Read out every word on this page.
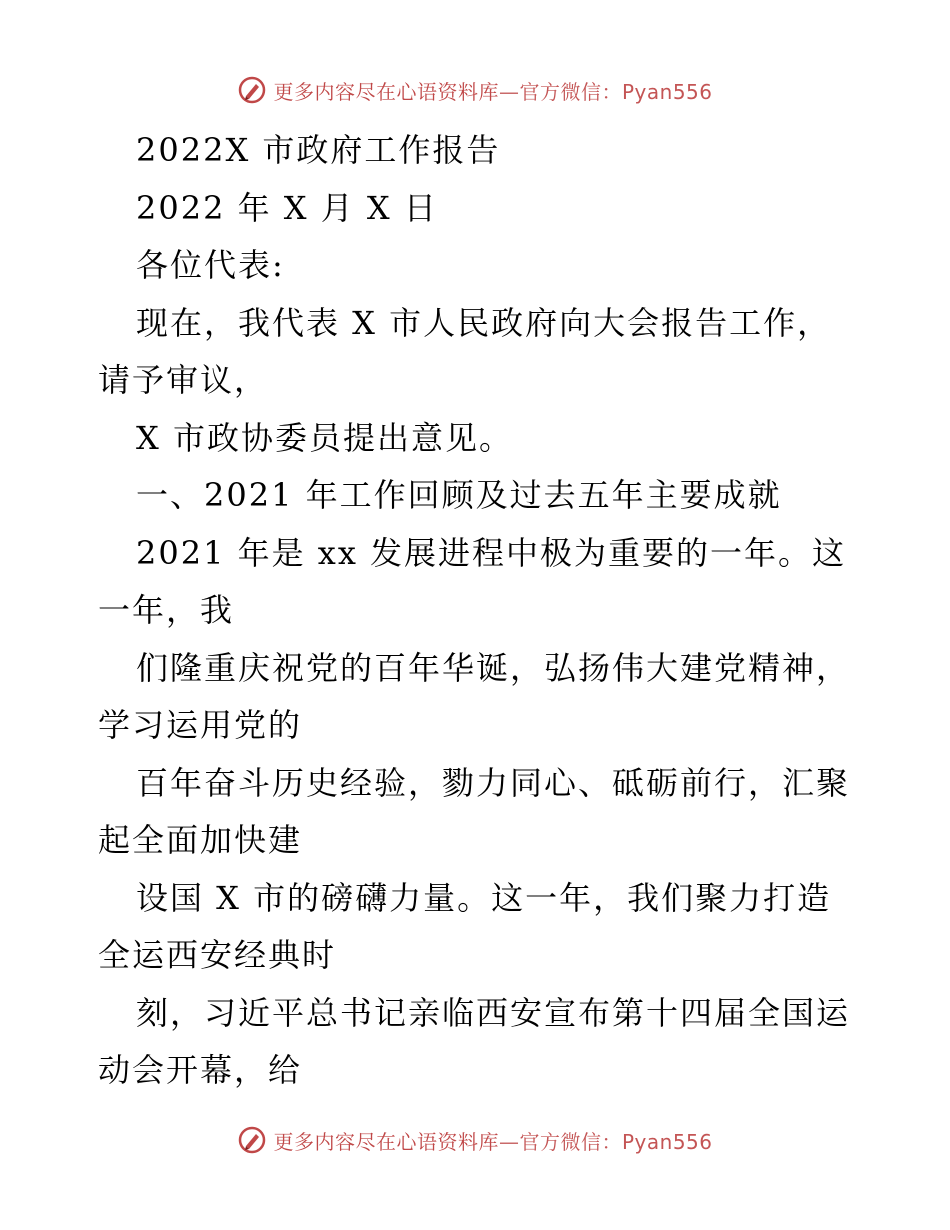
更多内容尽在心语资料库—官方微信：Pyan556
2022X 市政府工作报告
2022 年 X 月 X 日
各位代表:
现在，我代表 X 市人民政府向大会报告工作，
请予审议，
X 市政协委员提出意见。
一、2021 年工作回顾及过去五年主要成就
2021 年是 xx 发展进程中极为重要的一年。这
一年，我
们隆重庆祝党的百年华诞，弘扬伟大建党精神，
学习运用党的
百年奋斗历史经验，勠力同心、砥砺前行，汇聚
起全面加快建
设国 X 市的磅礴力量。这一年，我们聚力打造
全运西安经典时
刻，习近平总书记亲临西安宣布第十四届全国运
动会开幕，给
更多内容尽在心语资料库—官方微信：Pyan556
